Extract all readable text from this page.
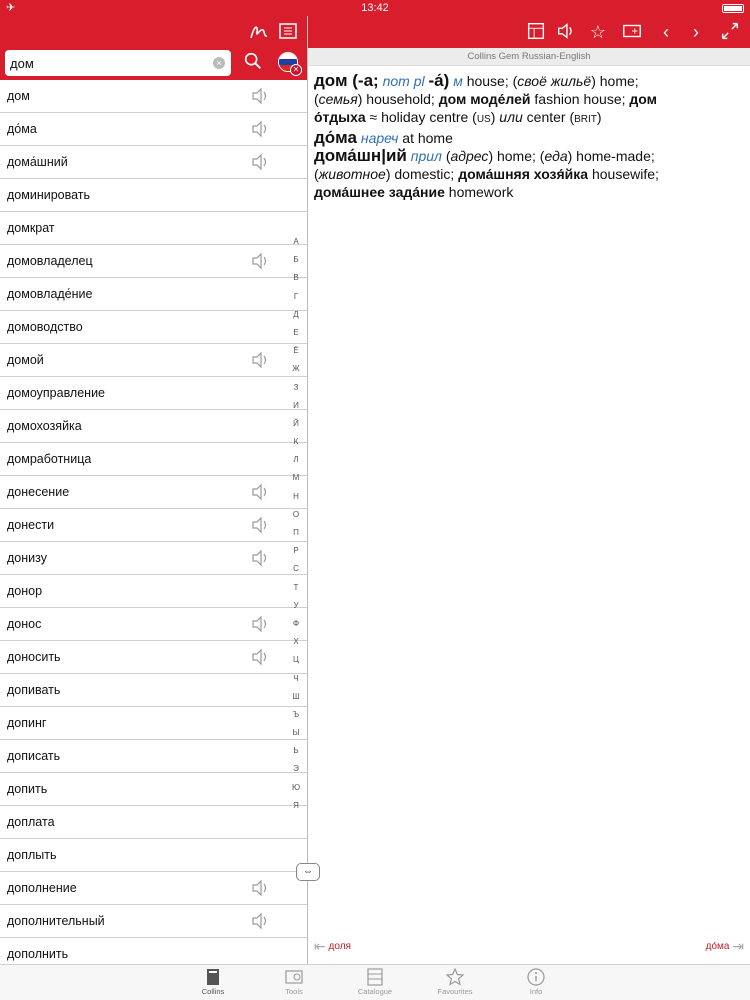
✈	13:42
дом
×
✕
дом
до́ма
дома́шний
доминировать
домкрат
домовладелец
домовладе́ние
домоводство
домой
домоуправление
домохозяйка
домработница
донесение
донести
донизу
донор
донос
доносить
допивать
допинг
дописать
допить
доплата
доплыть
дополнение
дополнительный
дополнить
А
Б
В
Г
Д
Е
Ё
Ж
З
И
Й
К
Л
М
Н
О
П
Р
С
Т
У
Ф
Х
Ц
Ч
Ш
Ъ
Ы
Ь
Э
Ю
Я
⇔
☆	‹	›
Collins Gem Russian-English

дом (-а; nom pl -а́) м house; (своё жильё) home;
(семья) household; дом моде́лей fashion house; дом
о́тдыха ≈ holiday centre (US) или center (BRIT)

до́ма нареч at home

дома́шн|ий прил (адрес) home; (еда) home-made;
(животное) domestic; дома́шняя хозя́йка housewife;
дома́шнее зада́ние homework

⇤ доля	до́ма ⇥
Collins	Tools	Catalogue	Favourites	Info
